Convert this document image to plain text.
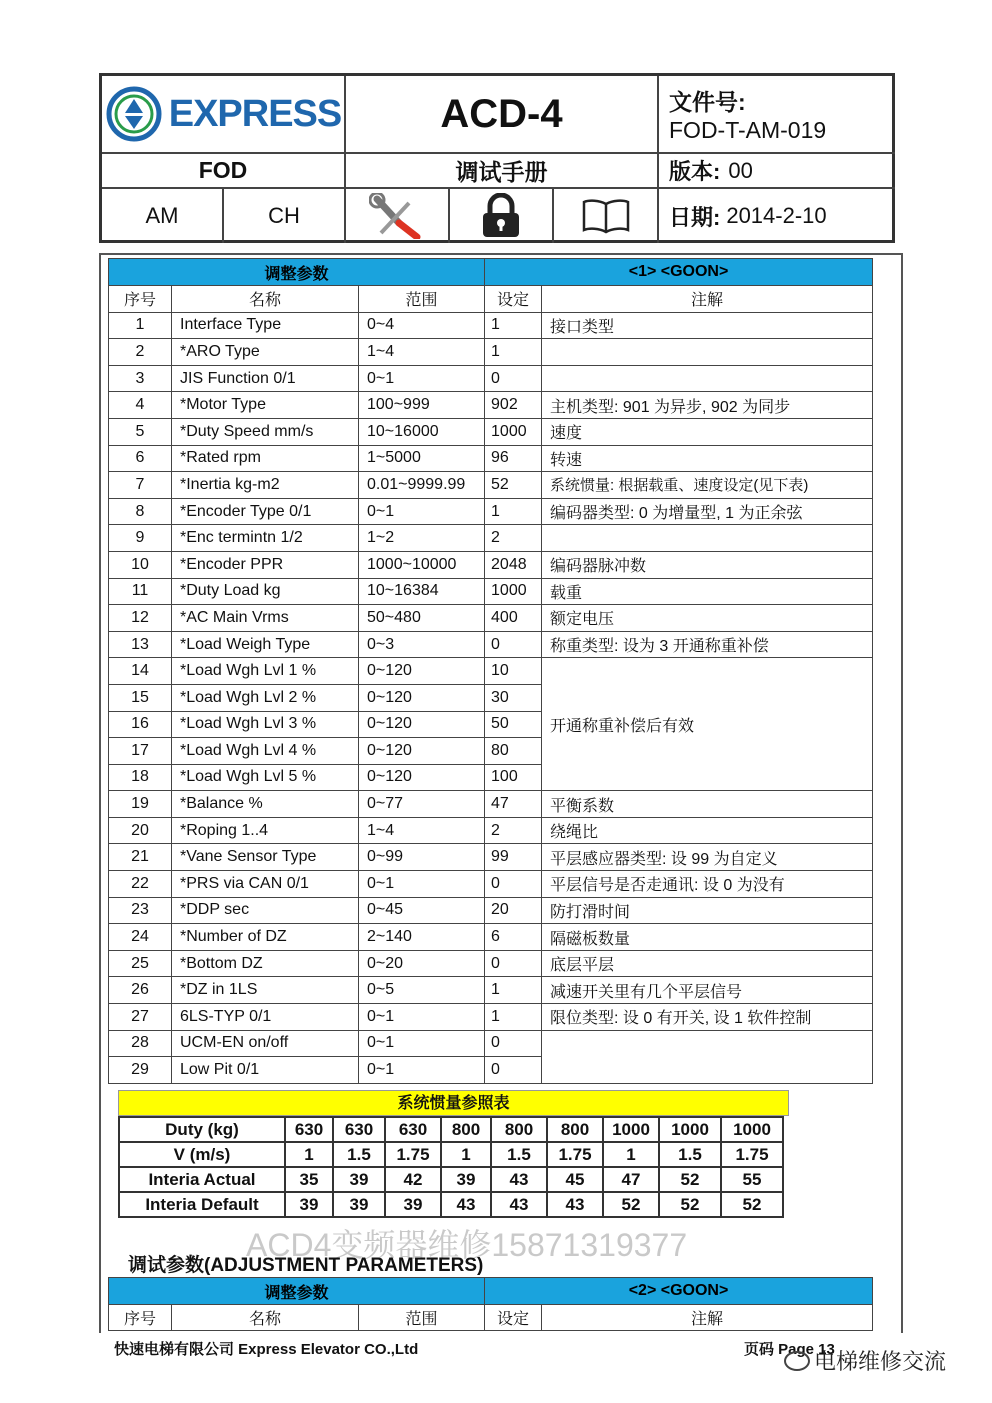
EXPRESS	ACD-4	文件号:
FOD-T-AM-019
FOD	调试手册	版本: 00
AM	CH	日期: 2014-2-10
调整参数			<1> <GOON>	
序号	名称	范围	设定	注解
1	Interface Type	0~4	1	接口类型
2	*ARO Type	1~4	1	
3	JIS Function 0/1	0~1	0	
4	*Motor Type	100~999	902	主机类型: 901 为异步, 902 为同步
5	*Duty Speed mm/s	10~16000	1000	速度
6	*Rated rpm	1~5000	96	转速
7	*Inertia kg-m2	0.01~9999.99	52	系统惯量: 根据载重、速度设定(见下表)
8	*Encoder Type 0/1	0~1	1	编码器类型: 0 为增量型, 1 为正余弦
9	*Enc termintn 1/2	1~2	2	
10	*Encoder PPR	1000~10000	2048	编码器脉冲数
11	*Duty Load kg	10~16384	1000	载重
12	*AC Main Vrms	50~480	400	额定电压
13	*Load Weigh Type	0~3	0	称重类型: 设为 3 开通称重补偿
14	*Load Wgh Lvl 1 %	0~120	10	开通称重补偿后有效
15	*Load Wgh Lvl 2 %	0~120	30	
16	*Load Wgh Lvl 3 %	0~120	50	
17	*Load Wgh Lvl 4 %	0~120	80	
18	*Load Wgh Lvl 5 %	0~120	100	
19	*Balance %	0~77	47	平衡系数
20	*Roping 1..4	1~4	2	绕绳比
21	*Vane Sensor Type	0~99	99	平层感应器类型: 设 99 为自定义
22	*PRS via CAN 0/1	0~1	0	平层信号是否走通讯: 设 0 为没有
23	*DDP sec	0~45	20	防打滑时间
24	*Number of DZ	2~140	6	隔磁板数量
25	*Bottom DZ	0~20	0	底层平层
26	*DZ in 1LS	0~5	1	减速开关里有几个平层信号
27	6LS-TYP 0/1	0~1	1	限位类型: 设 0 有开关, 设 1 软件控制
28	UCM-EN on/off	0~1	0	
29	Low Pit 0/1	0~1	0	
系统惯量参照表
Duty (kg)	630	630	630	800	800	800	1000	1000	1000
V (m/s)	1	1.5	1.75	1	1.5	1.75	1	1.5	1.75
Interia Actual	35	39	42	39	43	45	47	52	55
Interia Default	39	39	39	43	43	43	52	52	52
ACD4变频器维修15871319377
调试参数(ADJUSTMENT PARAMETERS)
调整参数			<2> <GOON>	
序号	名称	范围	设定	注解
快速电梯有限公司 Express Elevator CO.,Ltd	页码 Page 13
电梯维修交流
